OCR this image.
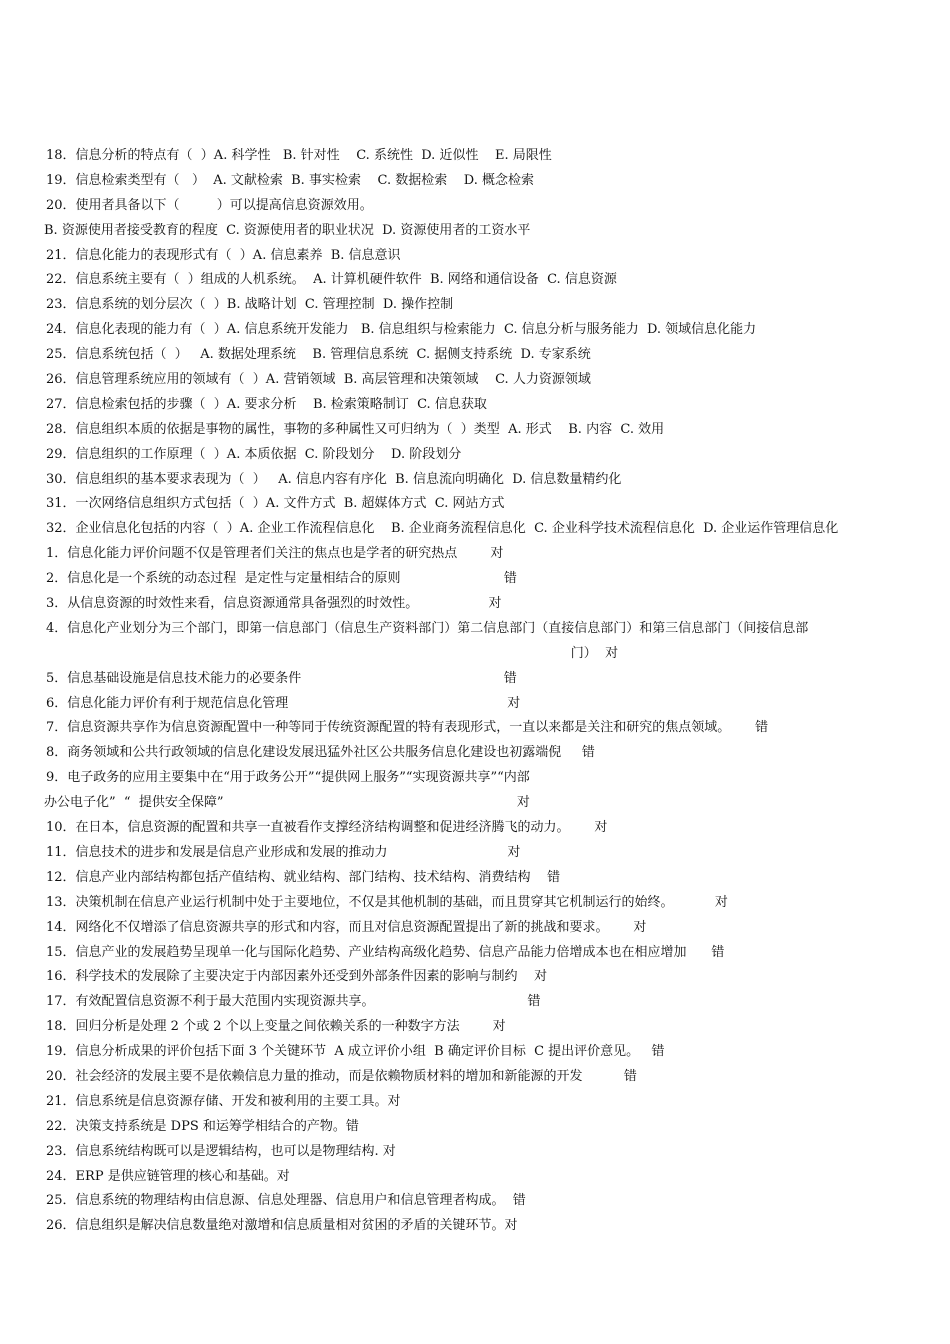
18．信息分析的特点有（  ）A. 科学性   B. 针对性    C. 系统性  D. 近似性    E. 局限性
19．信息检索类型有（   ）  A. 文献检索  B. 事实检索    C. 数据检索    D. 概念检索
20．使用者具备以下（         ）可以提高信息资源效用。
B. 资源使用者接受教育的程度  C. 资源使用者的职业状况  D. 资源使用者的工资水平
21．信息化能力的表现形式有（  ）A. 信息素养  B. 信息意识
22．信息系统主要有（  ）组成的人机系统。  A. 计算机硬件软件  B. 网络和通信设备  C. 信息资源
23．信息系统的划分层次（  ）B. 战略计划  C. 管理控制  D. 操作控制
24．信息化表现的能力有（  ）A. 信息系统开发能力   B. 信息组织与检索能力  C. 信息分析与服务能力  D. 领域信息化能力
25．信息系统包括（  ）   A. 数据处理系统    B. 管理信息系统  C. 据侧支持系统  D. 专家系统
26．信息管理系统应用的领域有（  ）A. 营销领域  B. 高层管理和决策领域    C. 人力资源领域
27．信息检索包括的步骤（  ）A. 要求分析    B. 检索策略制订  C. 信息获取
28．信息组织本质的依据是事物的属性，事物的多种属性又可归纳为（  ）类型  A. 形式    B. 内容  C. 效用
29．信息组织的工作原理（  ）A. 本质依据  C. 阶段划分    D. 阶段划分
30．信息组织的基本要求表现为（  ）   A. 信息内容有序化  B. 信息流向明确化  D. 信息数量精约化
31．一次网络信息组织方式包括（  ）A. 文件方式  B. 超媒体方式  C. 网站方式
32．企业信息化包括的内容（  ）A. 企业工作流程信息化    B. 企业商务流程信息化  C. 企业科学技术流程信息化  D. 企业运作管理信息化
1．信息化能力评价问题不仅是管理者们关注的焦点也是学者的研究热点        对
2．信息化是一个系统的动态过程  是定性与定量相结合的原则                         错
3．从信息资源的时效性来看，信息资源通常具备强烈的时效性。                 对
4．信息化产业划分为三个部门，即第一信息部门（信息生产资料部门）第二信息部门（直接信息部门）和第三信息部门（间接信息部
门）  对
5．信息基础设施是信息技术能力的必要条件                                                 错
6．信息化能力评价有利于规范信息化管理                                                     对
7．信息资源共享作为信息资源配置中一种等同于传统资源配置的特有表现形式，一直以来都是关注和研究的焦点领域。      错
8．商务领域和公共行政领域的信息化建设发展迅猛外社区公共服务信息化建设也初露端倪     错
9．电子政务的应用主要集中在“用于政务公开”“提供网上服务”“实现资源共享”“内部
办公电子化”  “  提供安全保障”                                                                       对
10．在日本，信息资源的配置和共享一直被看作支撑经济结构调整和促进经济腾飞的动力。      对
11．信息技术的进步和发展是信息产业形成和发展的推动力                             对
12．信息产业内部结构都包括产值结构、就业结构、部门结构、技术结构、消费结构    错
13．决策机制在信息产业运行机制中处于主要地位，不仅是其他机制的基础，而且贯穿其它机制运行的始终。          对
14．网络化不仅增添了信息资源共享的形式和内容，而且对信息资源配置提出了新的挑战和要求。      对
15．信息产业的发展趋势呈现单一化与国际化趋势、产业结构高级化趋势、信息产品能力倍增成本也在相应增加      错
16．科学技术的发展除了主要决定于内部因素外还受到外部条件因素的影响与制约    对
17．有效配置信息资源不利于最大范围内实现资源共享。                                     错
18．回归分析是处理 2 个或 2 个以上变量之间依赖关系的一种数字方法        对
19．信息分析成果的评价包括下面 3 个关键环节  A 成立评价小组  B 确定评价目标  C 提出评价意见。   错
20．社会经济的发展主要不是依赖信息力量的推动，而是依赖物质材料的增加和新能源的开发          错
21．信息系统是信息资源存储、开发和被利用的主要工具。对
22．决策支持系统是 DPS 和运筹学相结合的产物。错
23．信息系统结构既可以是逻辑结构，也可以是物理结构. 对
24．ERP 是供应链管理的核心和基础。对
25．信息系统的物理结构由信息源、信息处理器、信息用户和信息管理者构成。  错
26．信息组织是解决信息数量绝对激增和信息质量相对贫困的矛盾的关键环节。对
